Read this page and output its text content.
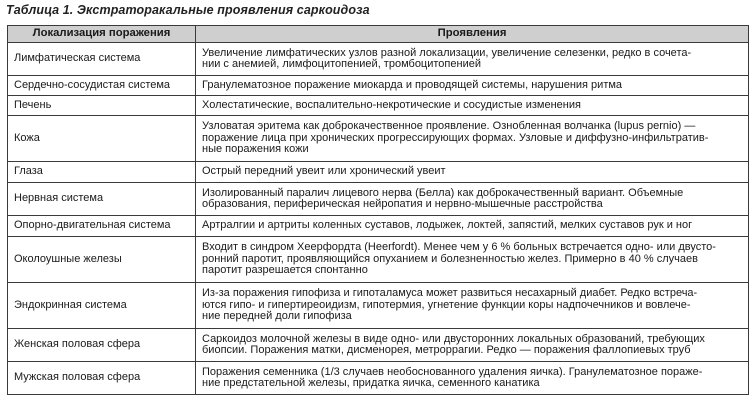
Таблица 1. Экстраторакальные проявления саркоидоза
Локализация поражения	Проявления
Лимфатическая система	Увеличение лимфатических узлов разной локализации, увеличение селезенки, редко в сочета-
нии с анемией, лимфоцитопенией, тромбоцитопенией
Сердечно-сосудистая система	Гранулематозное поражение миокарда и проводящей системы, нарушения ритма
Печень	Холестатические, воспалительно-некротические и сосудистые изменения
Кожа	Узловатая эритема как доброкачественное проявление. Ознобленная волчанка (lupus pernio) —
поражение лица при хронических прогрессирующих формах. Узловые и диффузно-инфильтратив-
ные поражения кожи
Глаза	Острый передний увеит или хронический увеит
Нервная система	Изолированный паралич лицевого нерва (Белла) как доброкачественный вариант. Объемные
образования, периферическая нейропатия и нервно-мышечные расстройства
Опорно-двигательная система	Артралгии и артриты коленных суставов, лодыжек, локтей, запястий, мелких суставов рук и ног
Околоушные железы	Входит в синдром Хеерфордта (Heerfordt). Менее чем у 6 % больных встречается одно- или двусто-
ронний паротит, проявляющийся опуханием и болезненностью желез. Примерно в 40 % случаев
паротит разрешается спонтанно
Эндокринная система	Из-за поражения гипофиза и гипоталамуса может развиться несахарный диабет. Редко встреча-
ются гипо- и гипертиреоидизм, гипотермия, угнетение функции коры надпочечников и вовлече-
ние передней доли гипофиза
Женская половая сфера	Саркоидоз молочной железы в виде одно- или двусторонних локальных образований, требующих
биопсии. Поражения матки, дисменорея, метроррагии. Редко — поражения фаллопиевых труб
Мужская половая сфера	Поражения семенника (1/3 случаев необоснованного удаления яичка). Гранулематозное пораже-
ние предстательной железы, придатка яичка, семенного канатика
